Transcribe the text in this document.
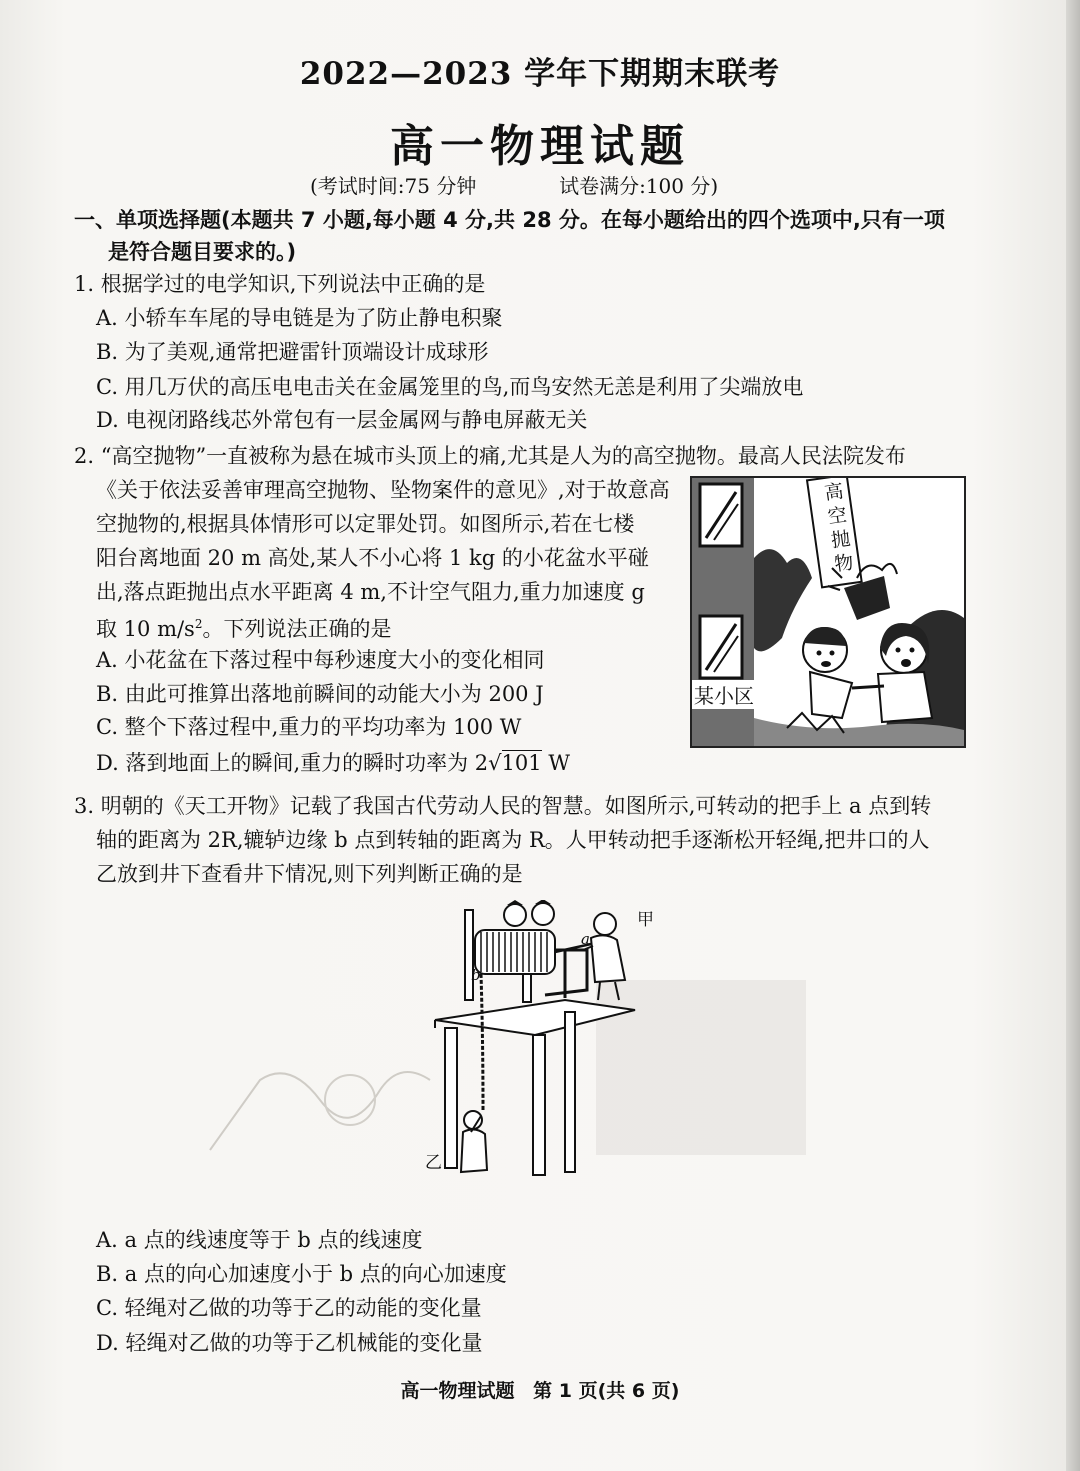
2022—2023 学年下期期末联考
高一物理试题
(考试时间:75 分钟	试卷满分:100 分)
一、单项选择题(本题共 7 小题,每小题 4 分,共 28 分。在每小题给出的四个选项中,只有一项
是符合题目要求的。)
1. 根据学过的电学知识,下列说法中正确的是
A. 小轿车车尾的导电链是为了防止静电积聚
B. 为了美观,通常把避雷针顶端设计成球形
C. 用几万伏的高压电电击关在金属笼里的鸟,而鸟安然无恙是利用了尖端放电
D. 电视闭路线芯外常包有一层金属网与静电屏蔽无关
2. “高空抛物”一直被称为悬在城市头顶上的痛,尤其是人为的高空抛物。最高人民法院发布
《关于依法妥善审理高空抛物、坠物案件的意见》,对于故意高
空抛物的,根据具体情形可以定罪处罚。如图所示,若在七楼
阳台离地面 20 m 高处,某人不小心将 1 kg 的小花盆水平碰
出,落点距抛出点水平距离 4 m,不计空气阻力,重力加速度 g
取 10 $m/s^2$。下列说法正确的是
A. 小花盆在下落过程中每秒速度大小的变化相同
B. 由此可推算出落地前瞬间的动能大小为 200 J
C. 整个下落过程中,重力的平均功率为 100 W
D. 落到地面上的瞬间,重力的瞬时功率为 2√101 W
高空抛物
某小区
3. 明朝的《天工开物》记载了我国古代劳动人民的智慧。如图所示,可转动的把手上 a 点到转
轴的距离为 2R,辘轳边缘 b 点到转轴的距离为 R。人甲转动把手逐渐松开轻绳,把井口的人
乙放到井下查看井下情况,则下列判断正确的是
甲
乙
a
b
A. a 点的线速度等于 b 点的线速度
B. a 点的向心加速度小于 b 点的向心加速度
C. 轻绳对乙做的功等于乙的动能的变化量
D. 轻绳对乙做的功等于乙机械能的变化量
高一物理试题 第 1 页(共 6 页)
